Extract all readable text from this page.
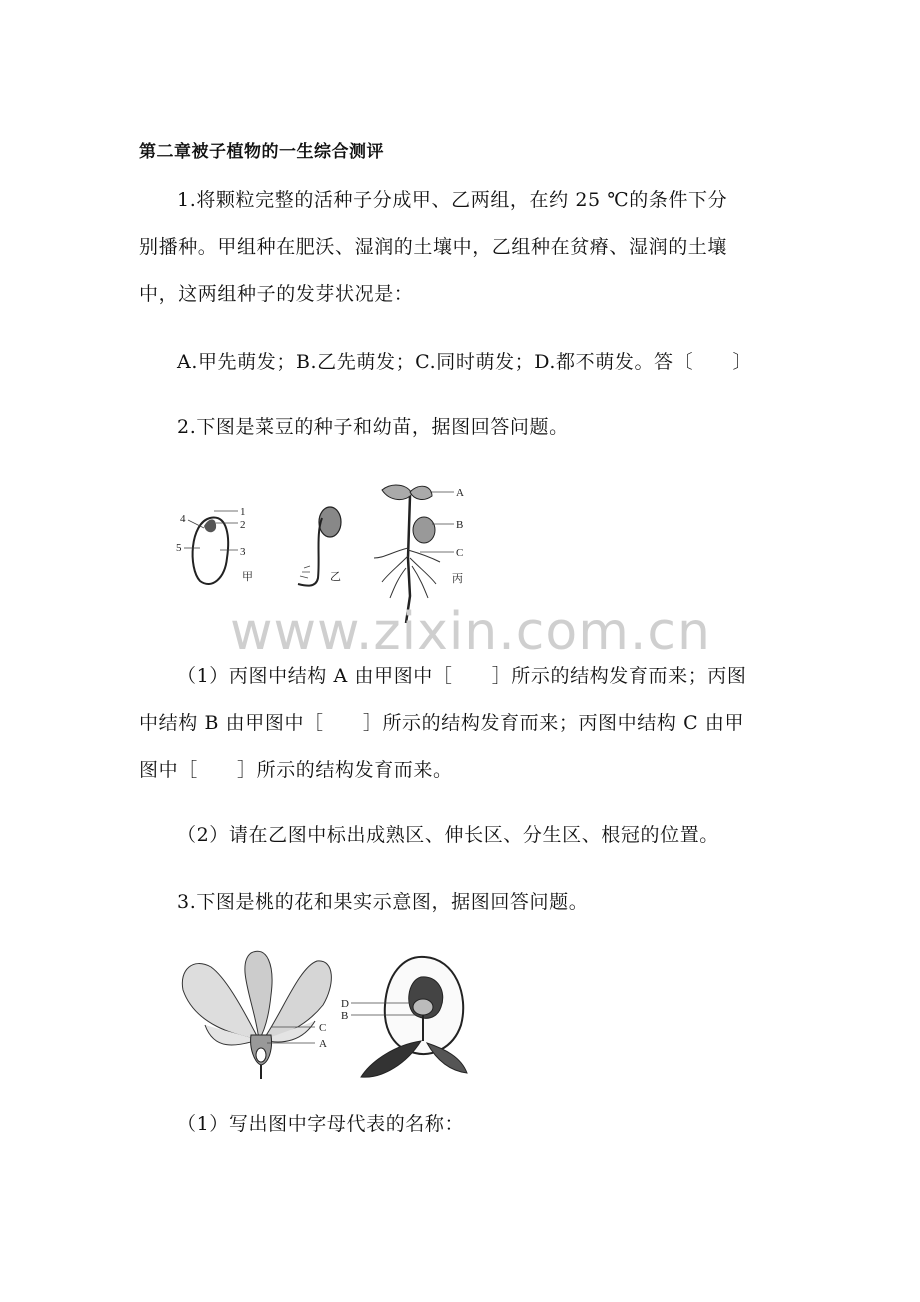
第二章被子植物的一生综合测评
1.将颗粒完整的活种子分成甲、乙两组，在约 25 ℃的条件下分
别播种。甲组种在肥沃、湿润的土壤中，乙组种在贫瘠、湿润的土壤
中，这两组种子的发芽状况是：
A.甲先萌发；B.乙先萌发；C.同时萌发；D.都不萌发。答〔　　〕
2.下图是菜豆的种子和幼苗，据图回答问题。
1
2
3
4
5
甲	乙
A
B
C
丙
www.zixin.com.cn
（1）丙图中结构 A 由甲图中［　　］所示的结构发育而来；丙图
中结构 B 由甲图中［　　］所示的结构发育而来；丙图中结构 C 由甲
图中［　　］所示的结构发育而来。
（2）请在乙图中标出成熟区、伸长区、分生区、根冠的位置。
3.下图是桃的花和果实示意图，据图回答问题。
C
A
D
B
（1）写出图中字母代表的名称：
